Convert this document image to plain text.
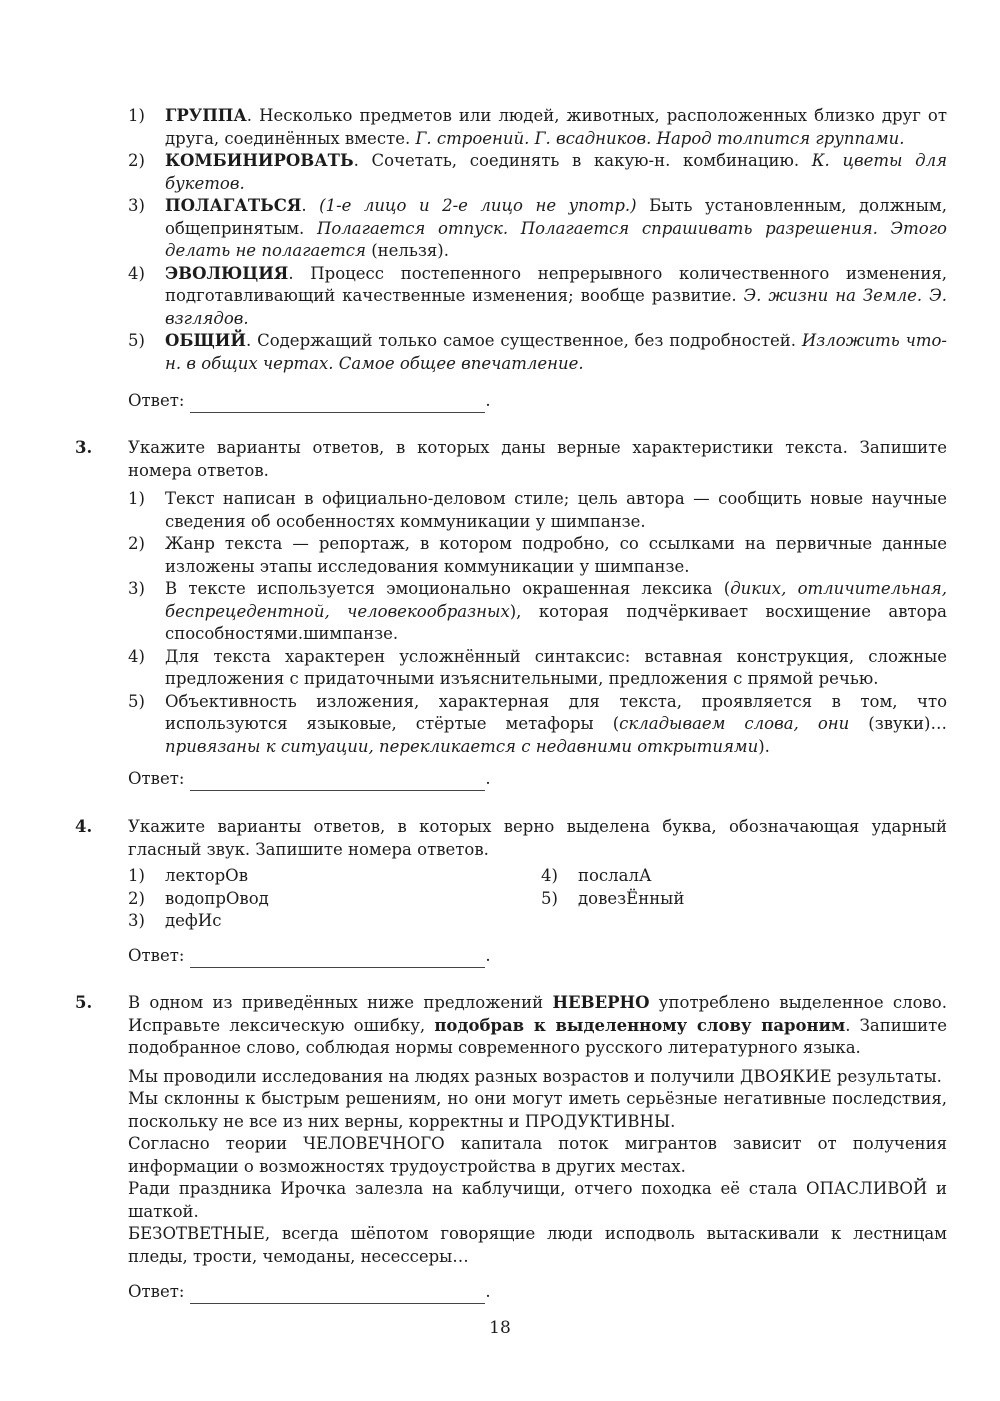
1)	ГРУППА. Несколько предметов или людей, животных, расположенных близко друг от друга, соединённых вместе. Г. строений. Г. всадников. Народ толпится группами.
2)	КОМБИНИРОВАТЬ. Сочетать, соединять в какую-н. комбинацию. К. цветы для букетов.
3)	ПОЛАГАТЬСЯ. (1-е лицо и 2-е лицо не употр.) Быть установленным, должным, общепринятым. Полагается отпуск. Полагается спрашивать разрешения. Этого делать не полагается (нельзя).
4)	ЭВОЛЮЦИЯ. Процесс постепенного непрерывного количественного изменения, подготавливающий качественные изменения; вообще развитие. Э. жизни на Земле. Э. взглядов.
5)	ОБЩИЙ. Содержащий только самое существенное, без подробностей. Изложить что-н. в общих чертах. Самое общее впечатление.
Ответ:	.
3.	Укажите варианты ответов, в которых даны верные характеристики текста. Запишите номера ответов.
1)	Текст написан в официально-деловом стиле; цель автора — сообщить новые научные сведения об особенностях коммуникации у шимпанзе.
2)	Жанр текста — репортаж, в котором подробно, со ссылками на первичные данные изложены этапы исследования коммуникации у шимпанзе.
3)	В тексте используется эмоционально окрашенная лексика (диких, отличительная, беспрецедентной, человекообразных), которая подчёркивает восхищение автора способностями.шимпанзе.
4)	Для текста характерен усложнённый синтаксис: вставная конструкция, сложные предложения с придаточными изъяснительными, предложения с прямой речью.
5)	Объективность изложения, характерная для текста, проявляется в том, что используются языковые, стёртые метафоры (складываем слова, они (звуки)… привязаны к ситуации, перекликается с недавними открытиями).
Ответ:	.
4.	Укажите варианты ответов, в которых верно выделена буква, обозначающая ударный гласный звук. Запишите номера ответов.
1)	лекторОв
2)	водопрОвод
3)	дефИс
4)	послалА
5)	довезЁнный
Ответ:	.
5.	В одном из приведённых ниже предложений НЕВЕРНО употреблено выделенное слово. Исправьте лексическую ошибку, подобрав к выделенному слову пароним. Запишите подобранное слово, соблюдая нормы современного русского литературного языка.
Мы проводили исследования на людях разных возрастов и получили ДВОЯКИЕ результаты.
Мы склонны к быстрым решениям, но они могут иметь серьёзные негативные последствия, поскольку не все из них верны, корректны и ПРОДУКТИВНЫ.
Согласно теории ЧЕЛОВЕЧНОГО капитала поток мигрантов зависит от получения информации о возможностях трудоустройства в других местах.
Ради праздника Ирочка залезла на каблучищи, отчего походка её стала ОПАСЛИВОЙ и шаткой.
БЕЗОТВЕТНЫЕ, всегда шёпотом говорящие люди исподволь вытаскивали к лестницам пледы, трости, чемоданы, несессеры…
Ответ:	.
18
